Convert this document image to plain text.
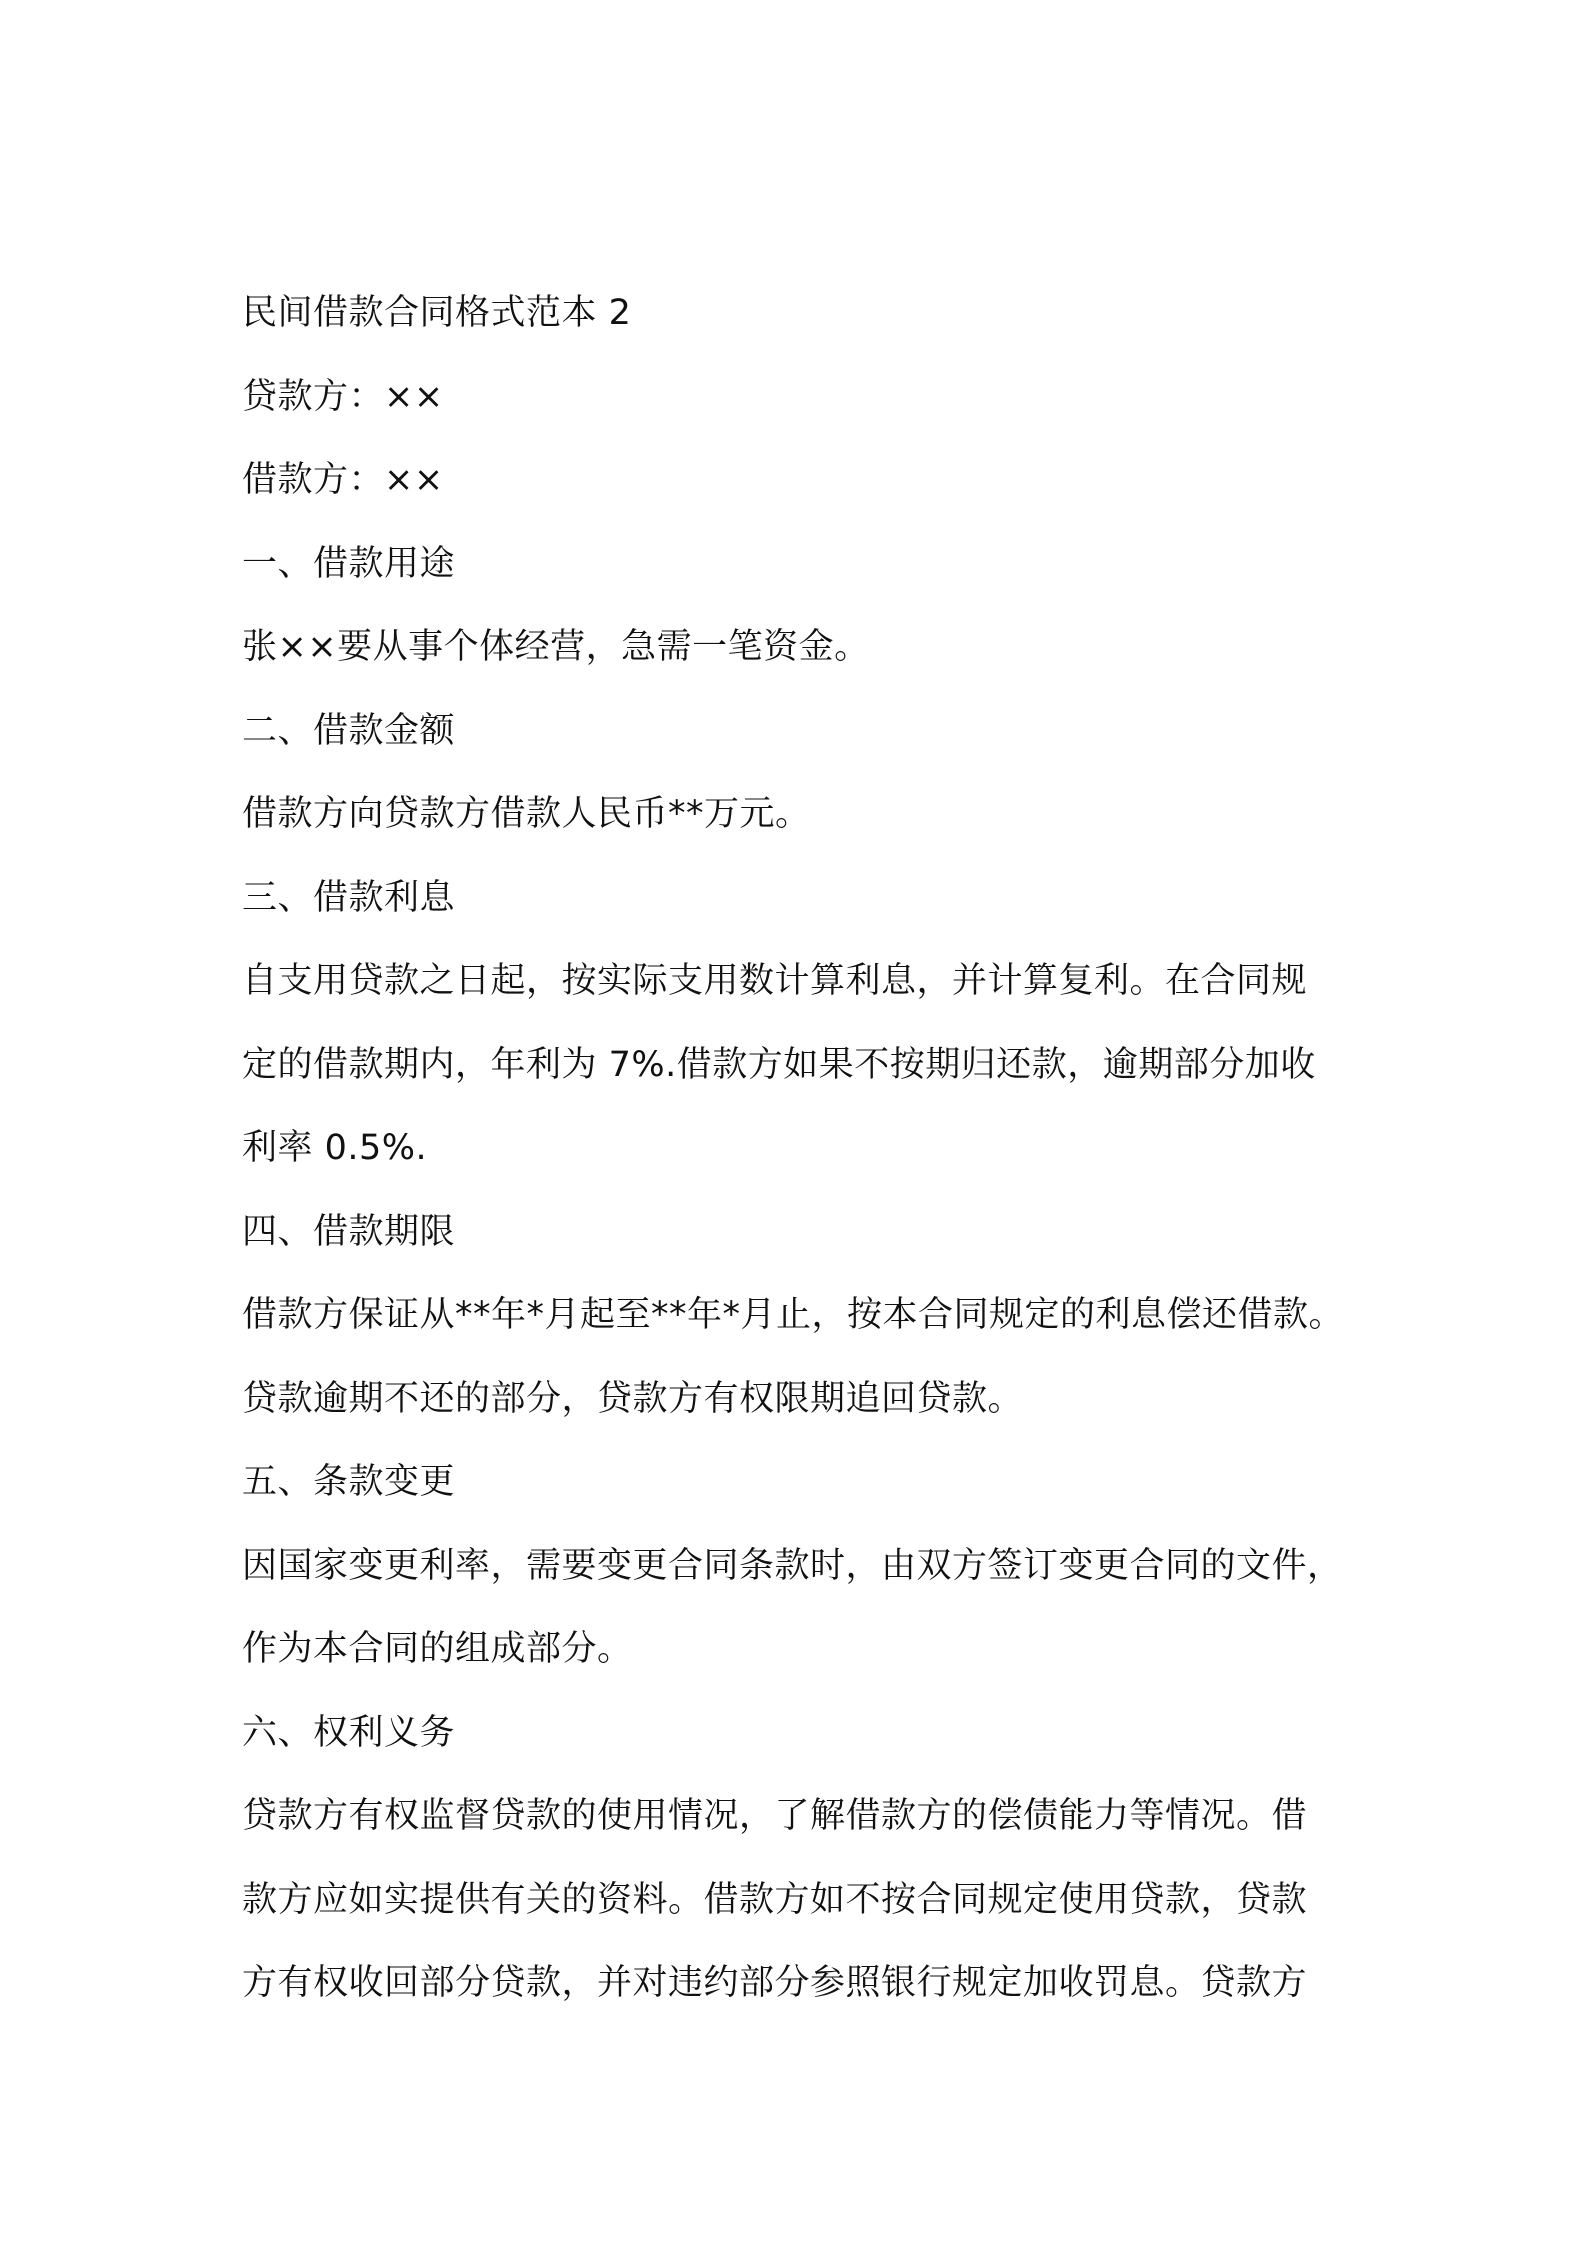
民间借款合同格式范本 2
贷款方：××
借款方：××
一、借款用途
张××要从事个体经营，急需一笔资金。
二、借款金额
借款方向贷款方借款人民币**万元。
三、借款利息
自支用贷款之日起，按实际支用数计算利息，并计算复利。在合同规
定的借款期内，年利为 7%.借款方如果不按期归还款，逾期部分加收
利率 0.5%.
四、借款期限
借款方保证从**年*月起至**年*月止，按本合同规定的利息偿还借款。
贷款逾期不还的部分，贷款方有权限期追回贷款。
五、条款变更
因国家变更利率，需要变更合同条款时，由双方签订变更合同的文件，
作为本合同的组成部分。
六、权利义务
贷款方有权监督贷款的使用情况，了解借款方的偿债能力等情况。借
款方应如实提供有关的资料。借款方如不按合同规定使用贷款，贷款
方有权收回部分贷款，并对违约部分参照银行规定加收罚息。贷款方
